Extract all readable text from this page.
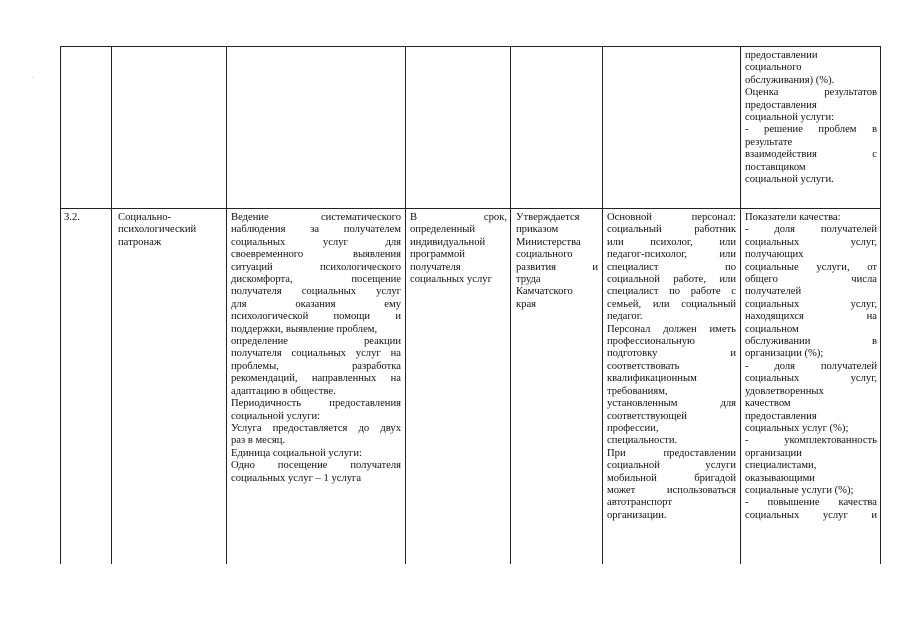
.

предоставлении

социального

обслуживания) (%).

Оценка результатов

предоставления

социальной услуги:

- решение проблем в

результате

взаимодействия с

поставщиком

социальной услуги.

3.2.	Социально-психологический патронаж

Ведение систематического

наблюдения за получателем

социальных услуг для

своевременного выявления

ситуаций психологического

дискомфорта, посещение

получателя социальных услуг

для оказания ему

психологической помощи и

поддержки, выявление проблем,

определение реакции

получателя социальных услуг на

проблемы, разработка

рекомендаций, направленных на

адаптацию в обществе.

Периодичность предоставления

социальной услуги:

Услуга предоставляется до двух

раз в месяц.

Единица социальной услуги:

Одно посещение получателя

социальных услуг – 1 услуга

В срок,

определенный

индивидуальной

программой

получателя

социальных услуг

Утверждается

приказом

Министерства

социального

развития и

труда

Камчатского

края

Основной персонал:

социальный работник

или психолог, или

педагог-психолог, или

специалист по

социальной работе, или

специалист по работе с

семьей, или социальный

педагог.

Персонал должен иметь

профессиональную

подготовку и

соответствовать

квалификационным

требованиям,

установленным для

соответствующей

профессии,

специальности.

При предоставлении

социальной услуги

мобильной бригадой

может использоваться

автотранспорт

организации.

Показатели качества:

- доля получателей

социальных услуг,

получающих

социальные услуги, от

общего числа

получателей

социальных услуг,

находящихся на

социальном

обслуживании в

организации (%);

- доля получателей

социальных услуг,

удовлетворенных

качеством

предоставления

социальных услуг (%);

- укомплектованность

организации

специалистами,

оказывающими

социальные услуги (%);

- повышение качества

социальных услуг и
